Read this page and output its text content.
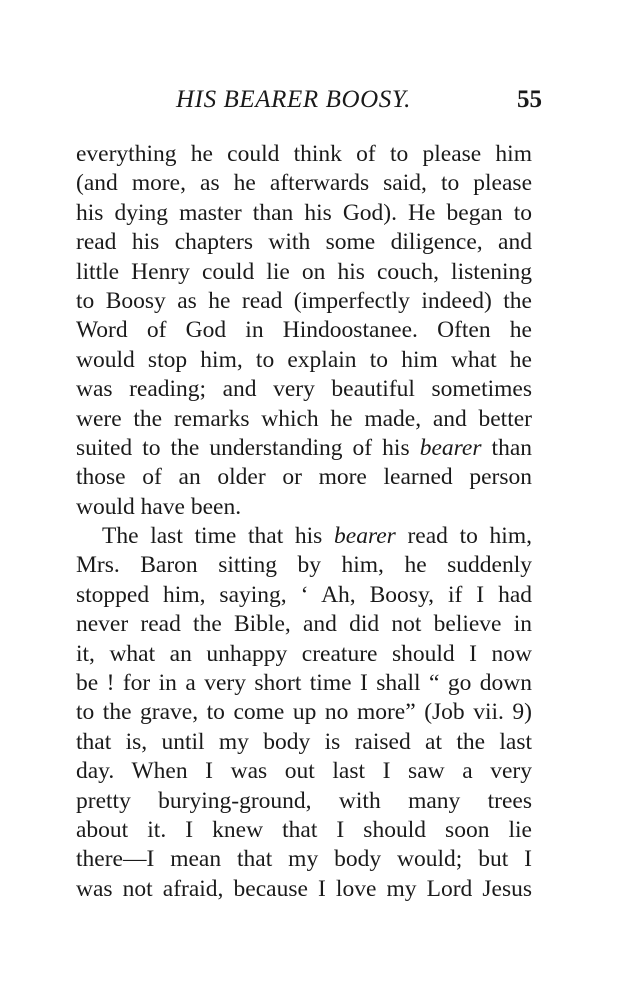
HIS BEARER BOOSY.	55
everything he could think of to please him
(and more, as he afterwards said, to please
his dying master than his God). He began to
read his chapters with some diligence, and
little Henry could lie on his couch, listening
to Boosy as he read (imperfectly indeed) the
Word of God in Hindoostanee. Often he
would stop him, to explain to him what he
was reading; and very beautiful sometimes
were the remarks which he made, and better
suited to the understanding of his bearer than
those of an older or more learned person
would have been.
The last time that his bearer read to him,
Mrs. Baron sitting by him, he suddenly
stopped him, saying, ‘ Ah, Boosy, if I had
never read the Bible, and did not believe in
it, what an unhappy creature should I now
be ! for in a very short time I shall “ go down
to the grave, to come up no more” (Job vii. 9)
that is, until my body is raised at the last
day. When I was out last I saw a very
pretty burying-ground, with many trees
about it. I knew that I should soon lie
there—I mean that my body would; but I
was not afraid, because I love my Lord Jesus
